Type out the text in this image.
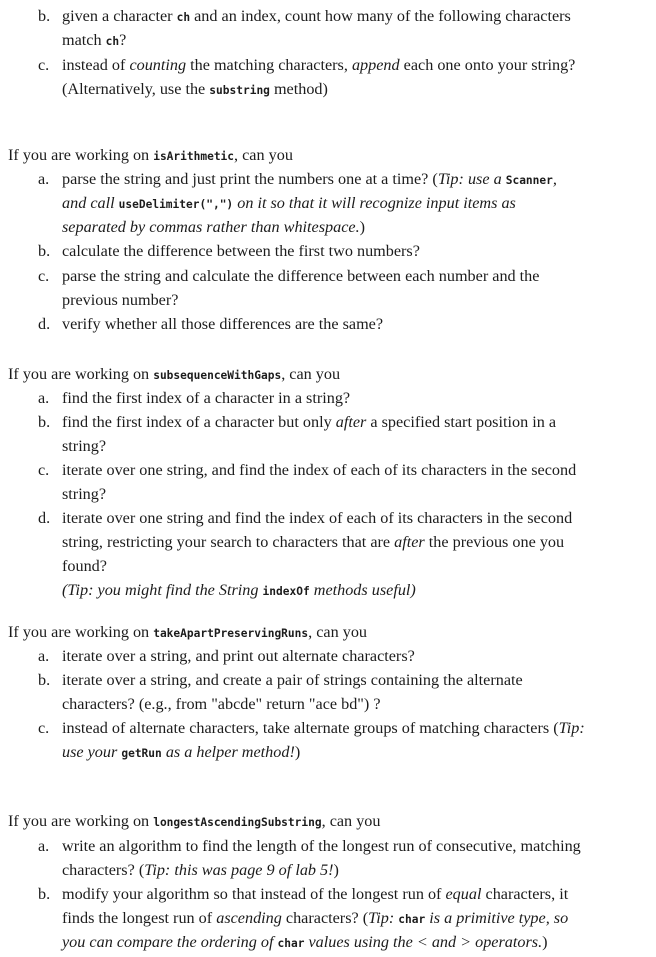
b. given a character ch and an index, count how many of the following characters
match ch?
c. instead of counting the matching characters, append each one onto your string?
(Alternatively, use the substring method)
If you are working on isArithmetic, can you
a. parse the string and just print the numbers one at a time? (Tip: use a Scanner,
and call useDelimiter(",") on it so that it will recognize input items as
separated by commas rather than whitespace.)
b. calculate the difference between the first two numbers?
c. parse the string and calculate the difference between each number and the
previous number?
d. verify whether all those differences are the same?
If you are working on subsequenceWithGaps, can you
a. find the first index of a character in a string?
b. find the first index of a character but only after a specified start position in a
string?
c. iterate over one string, and find the index of each of its characters in the second
string?
d. iterate over one string and find the index of each of its characters in the second
string, restricting your search to characters that are after the previous one you
found?
(Tip: you might find the String indexOf methods useful)
If you are working on takeApartPreservingRuns, can you
a. iterate over a string, and print out alternate characters?
b. iterate over a string, and create a pair of strings containing the alternate
characters? (e.g., from "abcde" return "ace bd") ?
c. instead of alternate characters, take alternate groups of matching characters (Tip:
use your getRun as a helper method!)
If you are working on longestAscendingSubstring, can you
a. write an algorithm to find the length of the longest run of consecutive, matching
characters? (Tip: this was page 9 of lab 5!)
b. modify your algorithm so that instead of the longest run of equal characters, it
finds the longest run of ascending characters? (Tip: char is a primitive type, so
you can compare the ordering of char values using the < and > operators.)
